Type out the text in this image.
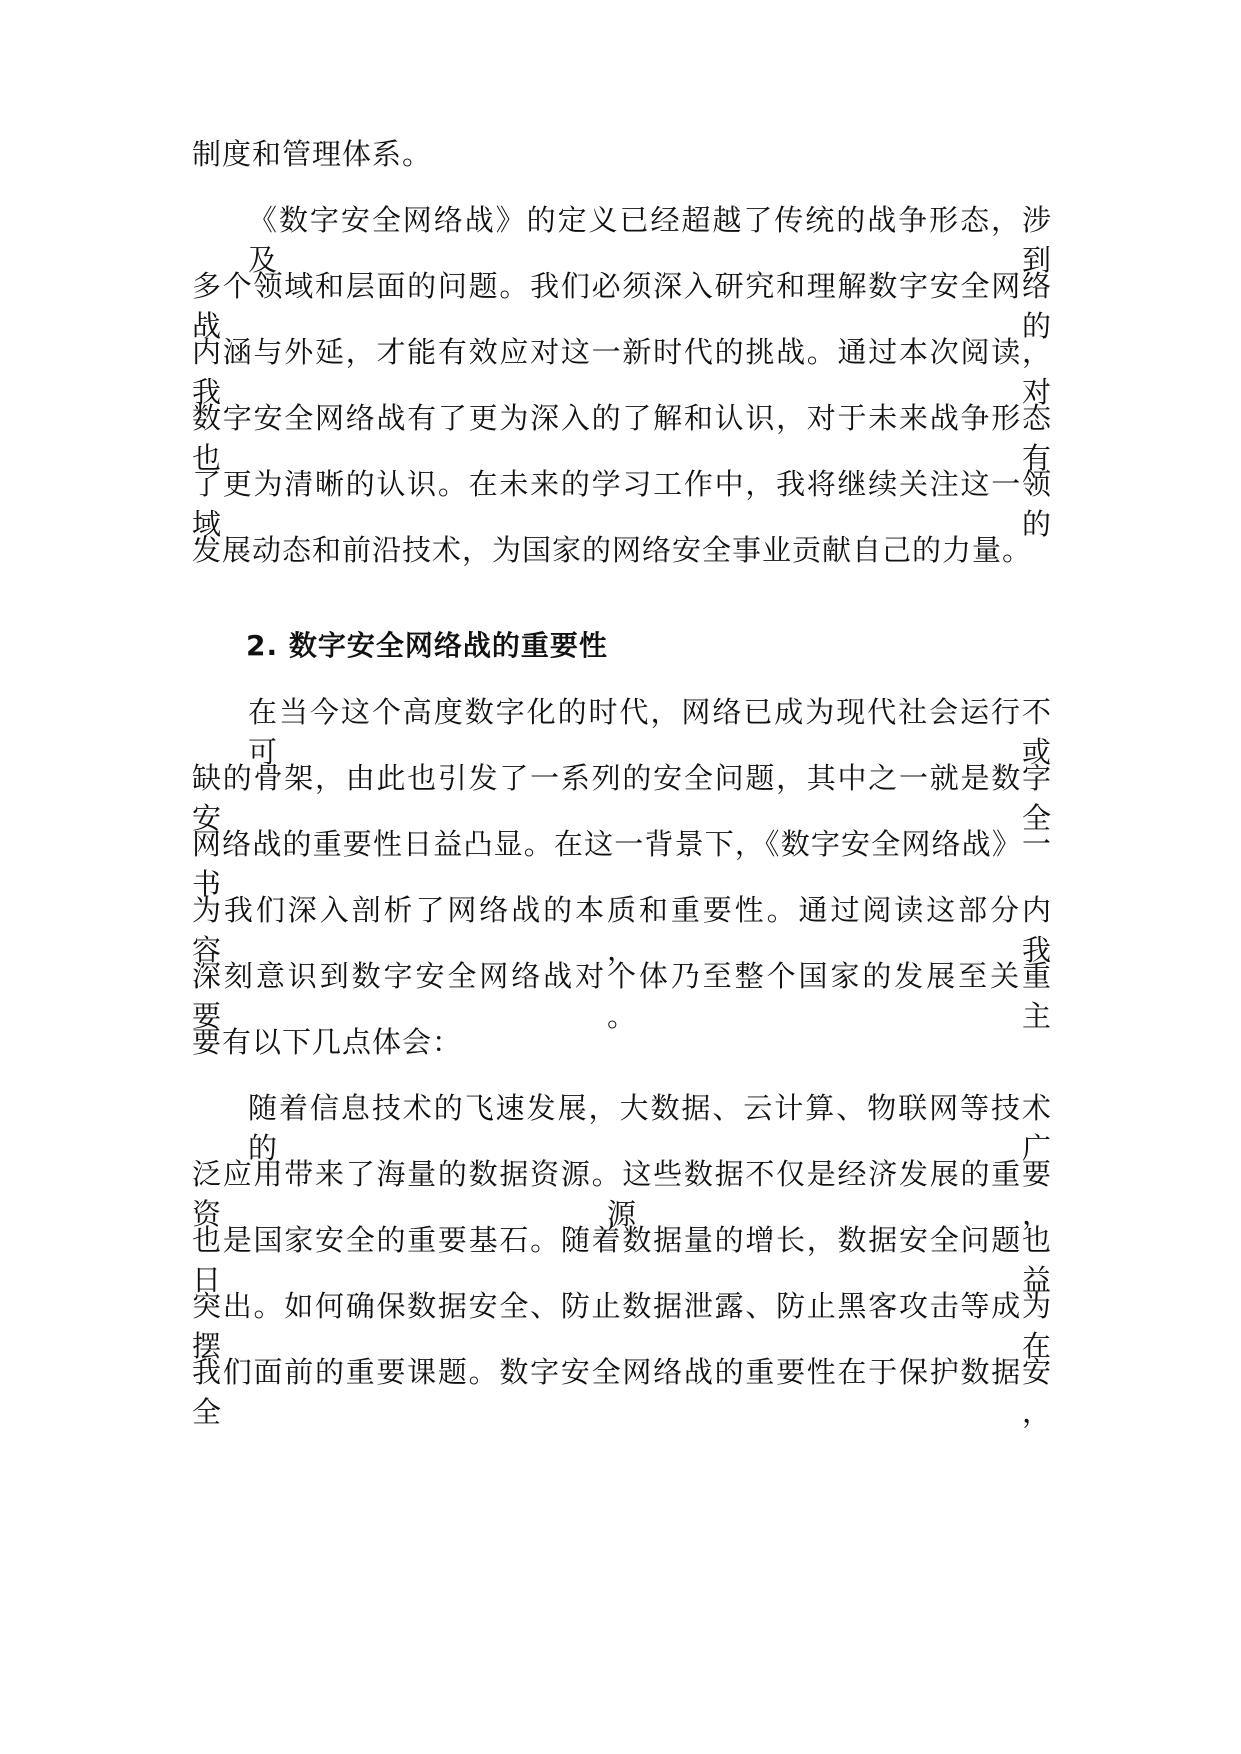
制度和管理体系。
《数字安全网络战》的定义已经超越了传统的战争形态，涉及到
多个领域和层面的问题。我们必须深入研究和理解数字安全网络战的
内涵与外延，才能有效应对这一新时代的挑战。通过本次阅读，我对
数字安全网络战有了更为深入的了解和认识，对于未来战争形态也有
了更为清晰的认识。在未来的学习工作中，我将继续关注这一领域的
发展动态和前沿技术，为国家的网络安全事业贡献自己的力量。
2. 数字安全网络战的重要性
在当今这个高度数字化的时代，网络已成为现代社会运行不可或
缺的骨架，由此也引发了一系列的安全问题，其中之一就是数字安全
网络战的重要性日益凸显。在这一背景下，《数字安全网络战》一书
为我们深入剖析了网络战的本质和重要性。通过阅读这部分内容，我
深刻意识到数字安全网络战对个体乃至整个国家的发展至关重要。主
要有以下几点体会：
随着信息技术的飞速发展，大数据、云计算、物联网等技术的广
泛应用带来了海量的数据资源。这些数据不仅是经济发展的重要资源，
也是国家安全的重要基石。随着数据量的增长，数据安全问题也日益
突出。如何确保数据安全、防止数据泄露、防止黑客攻击等成为摆在
我们面前的重要课题。数字安全网络战的重要性在于保护数据安全，
